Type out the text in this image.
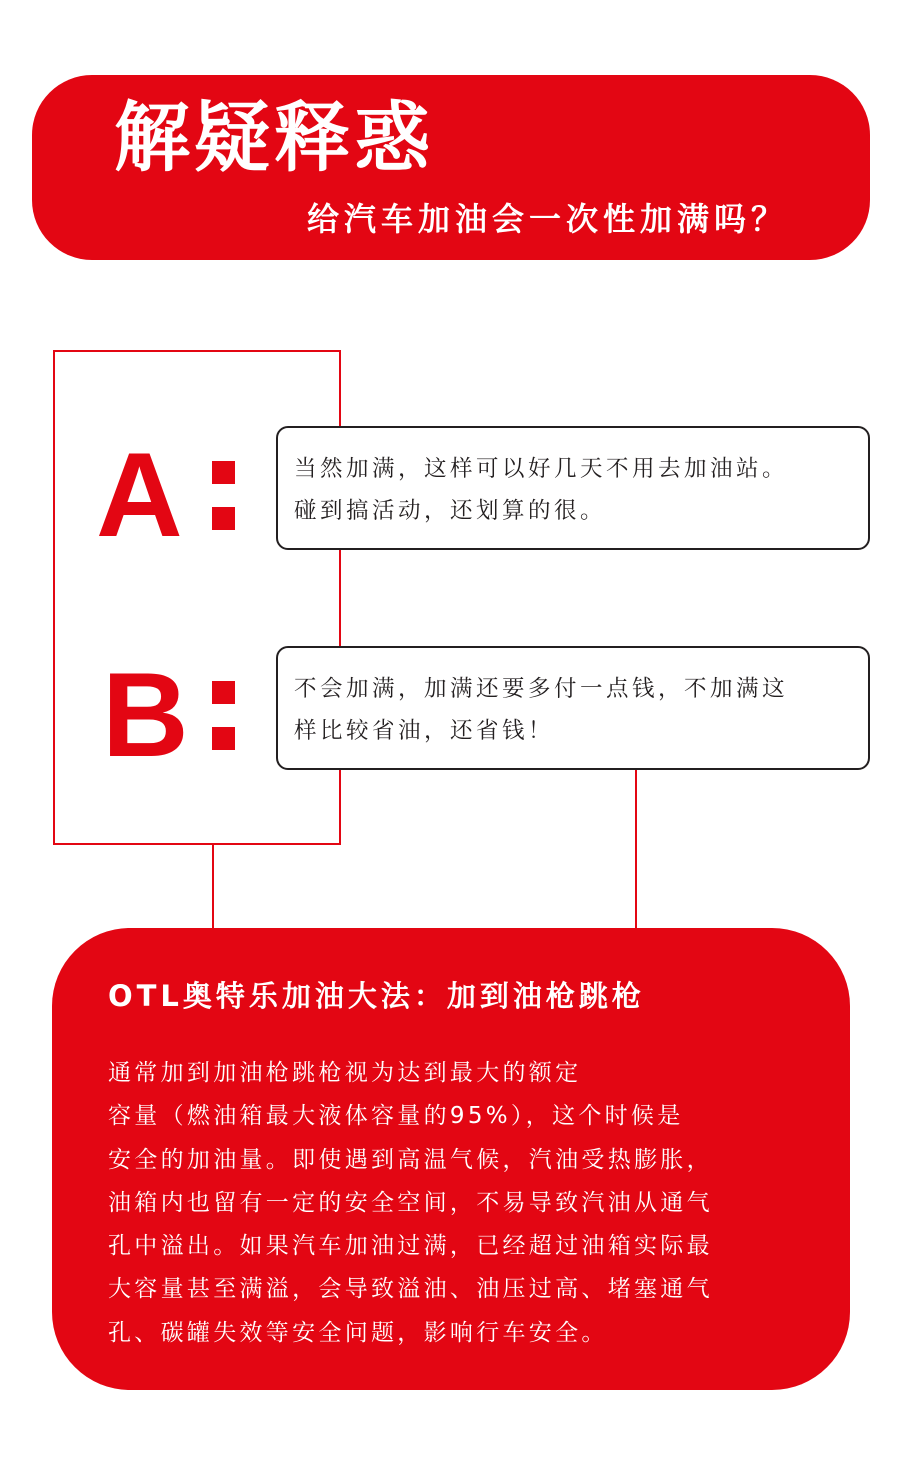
解疑释惑
给汽车加油会一次性加满吗？
A	当然加满，这样可以好几天不用去加油站。
碰到搞活动，还划算的很。
B	不会加满，加满还要多付一点钱，不加满这
样比较省油，还省钱！
OTL奥特乐加油大法：加到油枪跳枪
通常加到加油枪跳枪视为达到最大的额定
容量（燃油箱最大液体容量的95%），这个时候是
安全的加油量。即使遇到高温气候，汽油受热膨胀，
油箱内也留有一定的安全空间，不易导致汽油从通气
孔中溢出。如果汽车加油过满，已经超过油箱实际最
大容量甚至满溢，会导致溢油、油压过高、堵塞通气
孔、碳罐失效等安全问题，影响行车安全。
